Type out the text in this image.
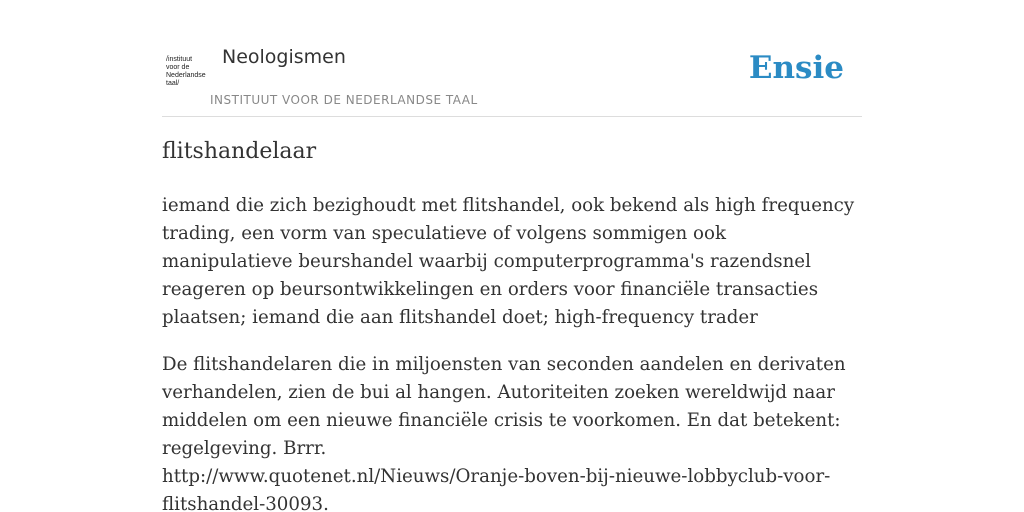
/instituut
voor de
Nederlandse
taal/
Neologismen
INSTITUUT VOOR DE NEDERLANDSE TAAL
Ensie
flitshandelaar

iemand die zich bezighoudt met flitshandel, ook bekend als high frequency trading, een vorm van speculatieve of volgens sommigen ook manipulatieve beurshandel waarbij computerprogramma's razendsnel reageren op beursontwikkelingen en orders voor financiële transacties plaatsen; iemand die aan flitshandel doet; high-frequency trader

De flitshandelaren die in miljoensten van seconden aandelen en derivaten verhandelen, zien de bui al hangen. Autoriteiten zoeken wereldwijd naar middelen om een nieuwe financiële crisis te voorkomen. En dat betekent: regelgeving. Brrr.
http://www.quotenet.nl/Nieuws/Oranje-boven-bij-nieuwe-lobbyclub-voor-
flitshandel-30093.
